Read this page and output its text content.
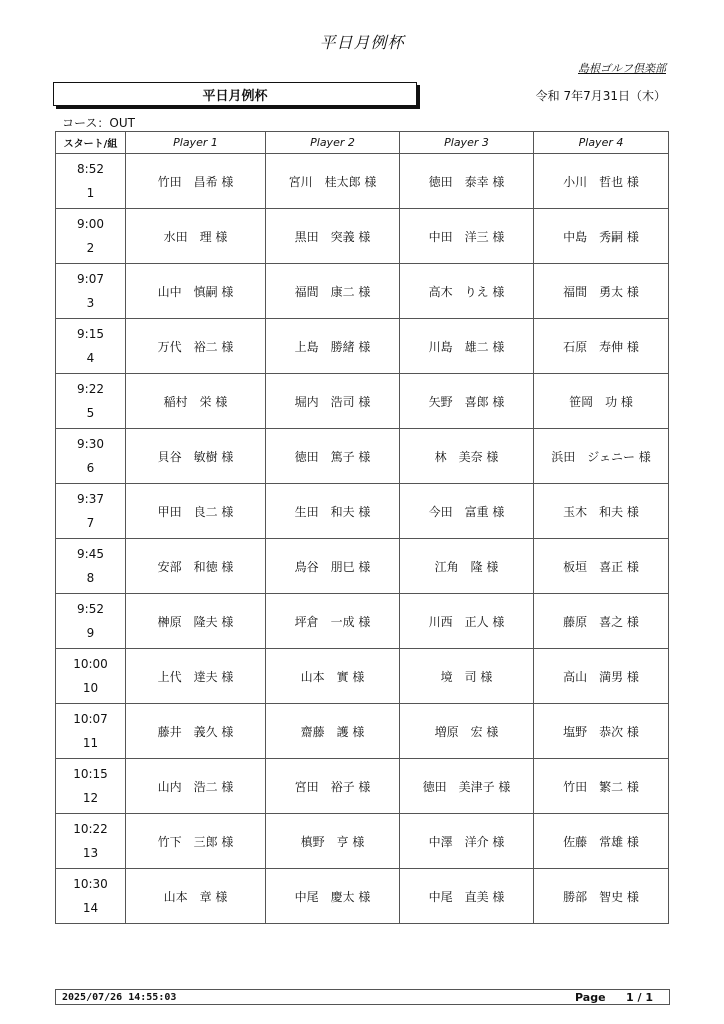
平日月例杯
島根ゴルフ倶楽部
平日月例杯	令和 7年7月31日（木）
コース：OUT
スタート/組	Player 1	Player 2	Player 3	Player 4

8:52
1	竹田　昌希 様	宮川　桂太郎 様	徳田　泰幸 様	小川　哲也 様

9:00
2	水田　理 様	黒田　突義 様	中田　洋三 様	中島　秀嗣 様

9:07
3	山中　慎嗣 様	福間　康二 様	高木　りえ 様	福間　勇太 様

9:15
4	万代　裕二 様	上島　勝緒 様	川島　雄二 様	石原　寿伸 様

9:22
5	稲村　栄 様	堀内　浩司 様	矢野　喜郎 様	笹岡　功 様

9:30
6	貝谷　敏樹 様	徳田　篤子 様	林　美奈 様	浜田　ジェニー 様

9:37
7	甲田　良二 様	生田　和夫 様	今田　富重 様	玉木　和夫 様

9:45
8	安部　和徳 様	鳥谷　朋巳 様	江角　隆 様	板垣　喜正 様

9:52
9	榊原　隆夫 様	坪倉　一成 様	川西　正人 様	藤原　喜之 様

10:00
10	上代　達夫 様	山本　實 様	境　司 様	高山　満男 様

10:07
11	藤井　義久 様	齋藤　護 様	増原　宏 様	塩野　恭次 様

10:15
12	山内　浩二 様	宮田　裕子 様	徳田　美津子 様	竹田　繁二 様

10:22
13	竹下　三郎 様	槙野　亨 様	中澤　洋介 様	佐藤　常雄 様

10:30
14	山本　章 様	中尾　慶太 様	中尾　直美 様	勝部　智史 様
2025/07/26 14:55:03	Page 1 / 1
